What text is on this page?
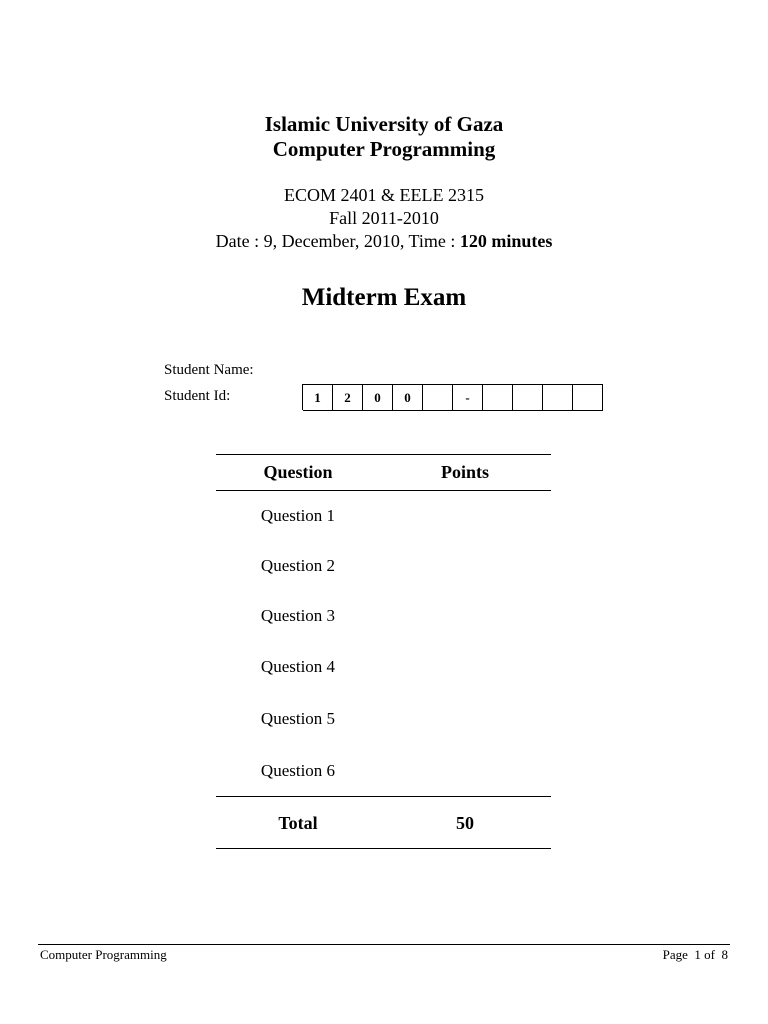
Islamic University of Gaza
Computer Programming
ECOM 2401 & EELE 2315
Fall 2011-2010
Date : 9, December, 2010, Time : 120 minutes
Midterm Exam
Student Name:
Student Id:	1	2	0	0	-
Question	Points
Question 1
Question 2
Question 3
Question 4
Question 5
Question 6
Total	50
Computer Programming	Page 1 of 8
